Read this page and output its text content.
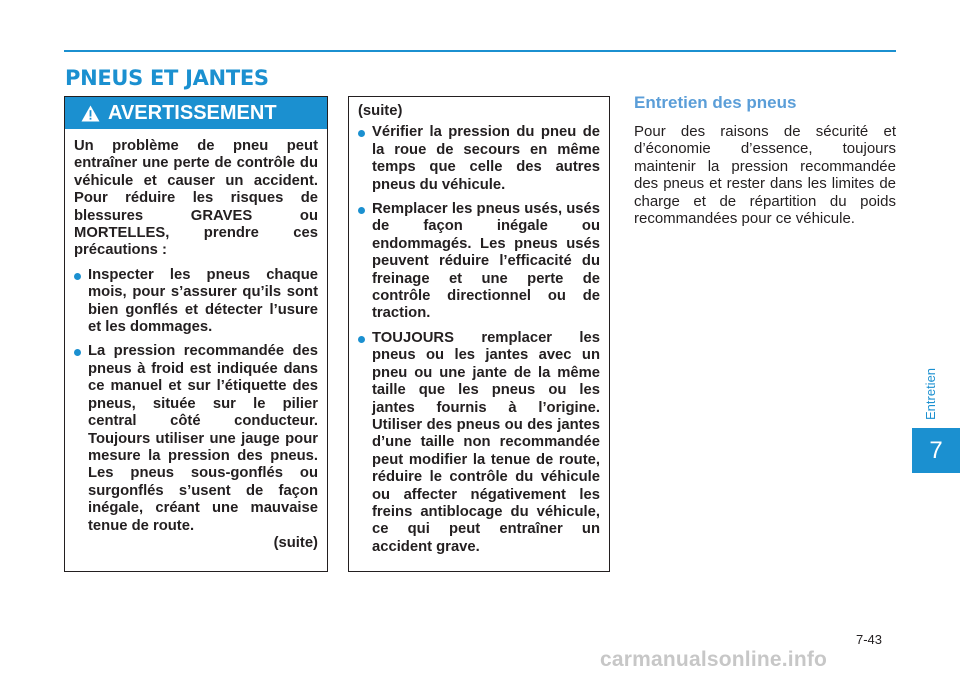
PNEUS ET JANTES
AVERTISSEMENT

Un problème de pneu peut entraîner une perte de contrôle du véhicule et causer un accident. Pour réduire les risques de blessures GRAVES ou MORTELLES, prendre ces précautions :

Inspecter les pneus chaque mois, pour s’assurer qu’ils sont bien gonflés et détecter l’usure et les dommages.
La pression recommandée des pneus à froid est indiquée dans ce manuel et sur l’étiquette des pneus, située sur le pilier central côté conducteur. Toujours utiliser une jauge pour mesure la pression des pneus. Les pneus sous-gonflés ou surgonflés s’usent de façon inégale, créant une mauvaise tenue de route.

(suite)

(suite)

Vérifier la pression du pneu de la roue de secours en même temps que celle des autres pneus du véhicule.
Remplacer les pneus usés, usés de façon inégale ou endommagés. Les pneus usés peuvent réduire l’efficacité du freinage et une perte de contrôle directionnel ou de traction.
TOUJOURS remplacer les pneus ou les jantes avec un pneu ou une jante de la même taille que les pneus ou les jantes fournis à l’origine. Utiliser des pneus ou des jantes d’une taille non recommandée peut modifier la tenue de route, réduire le contrôle du véhicule ou affecter négativement les freins antiblocage du véhicule, ce qui peut entraîner un accident grave.
Entretien des pneus

Pour des raisons de sécurité et d’économie d’essence, toujours maintenir la pression recommandée des pneus et rester dans les limites de charge et de répartition du poids recommandées pour ce véhicule.

Entretien
7
7-43
carmanualsonline.info
